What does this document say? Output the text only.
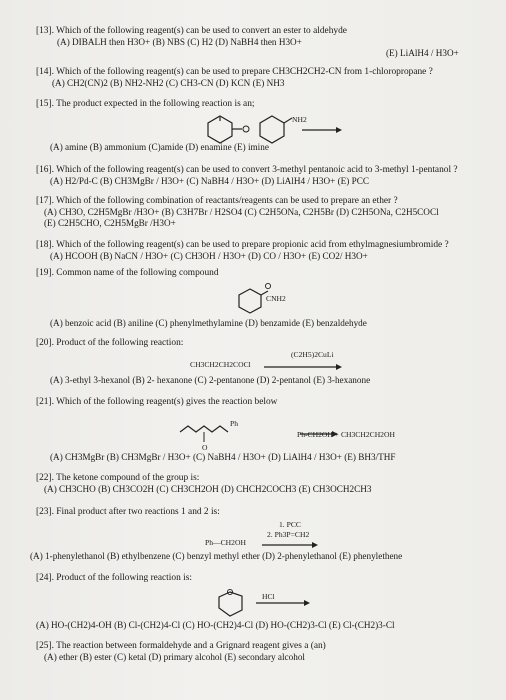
[13]. Which of the following reagent(s) can be used to convert an ester to aldehyde
(A) DIBALH then H3O+ (B) NBS (C) H2 (D) NaBH4 then H3O+
(E) LiAlH4 / H3O+
[14]. Which of the following reagent(s) can be used to prepare CH3CH2CH2-CN from 1-chloropropane ?
(A) CH2(CN)2 (B) NH2-NH2 (C) CH3-CN (D) KCN (E) NH3
[15]. The product expected in the following reaction is an;
NH2
(A) amine (B) ammonium (C)amide (D) enamine (E) imine
[16]. Which of the following reagent(s) can be used to convert 3-methyl pentanoic acid to 3-methyl 1-pentanol ?
(A) H2/Pd-C (B) CH3MgBr / H3O+ (C) NaBH4 / H3O+ (D) LiAlH4 / H3O+ (E) PCC
[17]. Which of the following combination of reactants/reagents can be used to prepare an ether ?
(A) CH3O, C2H5MgBr /H3O+ (B) C3H7Br / H2SO4 (C) C2H5ONa, C2H5Br (D) C2H5ONa, C2H5COCl
(E) C2H5CHO, C2H5MgBr /H3O+
[18]. Which of the following reagent(s) can be used to prepare propionic acid from ethylmagnesiumbromide ?
(A) HCOOH (B) NaCN / H3O+ (C) CH3OH / H3O+ (D) CO / H3O+ (E) CO2/ H3O+
[19]. Common name of the following compound
CNH2
(A) benzoic acid (B) aniline (C) phenylmethylamine (D) benzamide (E) benzaldehyde
[20]. Product of the following reaction:
(C2H5)2CuLi
CH3CH2CH2COCl
(A) 3-ethyl 3-hexanol (B) 2- hexanone (C) 2-pentanone (D) 2-pentanol (E) 3-hexanone
[21]. Which of the following reagent(s) gives the reaction below
Ph
O
Ph-CH2OH + CH3CH2CH2OH
(A) CH3MgBr (B) CH3MgBr / H3O+ (C) NaBH4 / H3O+ (D) LiAlH4 / H3O+ (E) BH3/THF
[22]. The ketone compound of the group is:
(A) CH3CHO (B) CH3CO2H (C) CH3CH2OH (D) CHCH2COCH3 (E) CH3OCH2CH3
[23]. Final product after two reactions 1 and 2 is:
1. PCC
2. Ph3P=CH2
Ph—CH2OH
(A) 1-phenylethanol (B) ethylbenzene (C) benzyl methyl ether (D) 2-phenylethanol (E) phenylethene
[24]. Product of the following reaction is:
HCl
(A) HO-(CH2)4-OH (B) Cl-(CH2)4-Cl (C) HO-(CH2)4-Cl (D) HO-(CH2)3-Cl (E) Cl-(CH2)3-Cl
[25]. The reaction between formaldehyde and a Grignard reagent gives a (an)
(A) ether (B) ester (C) ketal (D) primary alcohol (E) secondary alcohol
